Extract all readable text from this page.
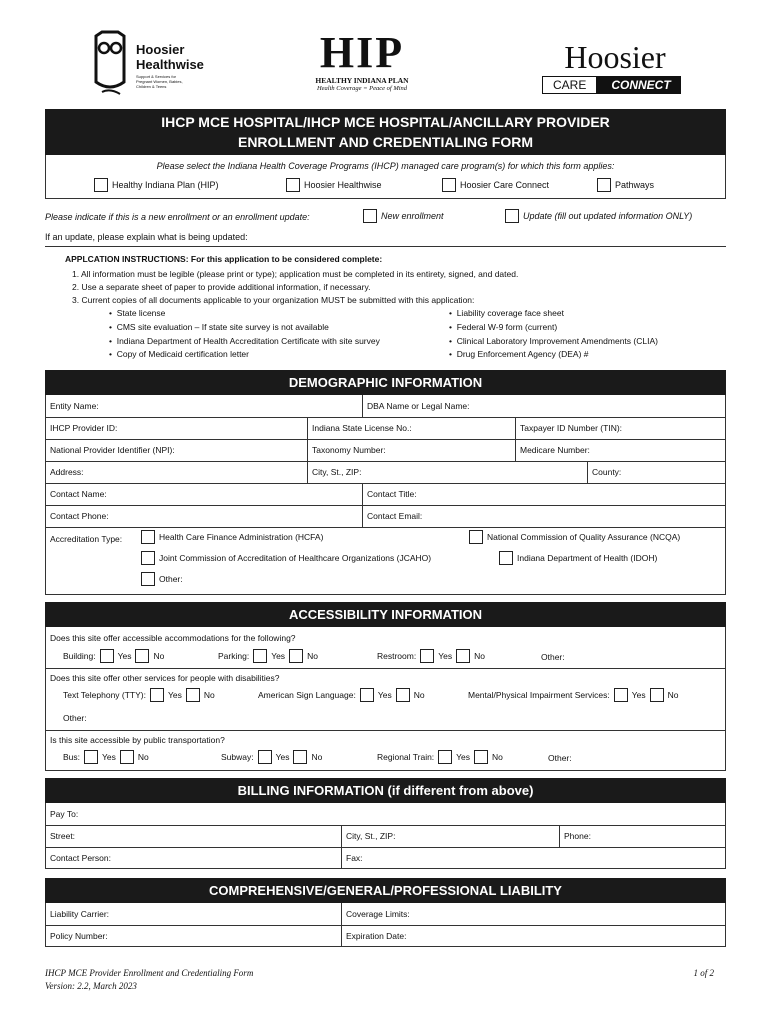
Hoosier
Healthwise
Support & Services for Pregnant Women, Babies, Children & Teens
HIP
HEALTHY INDIANA PLAN
Health Coverage = Peace of Mind
Hoosier
CARE	CONNECT
IHCP MCE HOSPITAL/IHCP MCE HOSPITAL/ANCILLARY PROVIDER
ENROLLMENT AND CREDENTIALING FORM
Please select the Indiana Health Coverage Programs (IHCP) managed care program(s) for which this form applies:
Healthy Indiana Plan (HIP)	Hoosier Healthwise	Hoosier Care Connect	Pathways
Please indicate if this is a new enrollment or an enrollment update:	New enrollment	Update (fill out updated information ONLY)
If an update, please explain what is being updated:
APPLCATION INSTRUCTIONS: For this application to be considered complete:
1. All information must be legible (please print or type); application must be completed in its entirety, signed, and dated.
2. Use a separate sheet of paper to provide additional information, if necessary.
3. Current copies of all documents applicable to your organization MUST be submitted with this application:
•  State license
•  CMS site evaluation – If state site survey is not available
•  Indiana Department of Health Accreditation Certificate with site survey
•  Copy of Medicaid certification letter
•  Liability coverage face sheet
•  Federal W-9 form (current)
•  Clinical Laboratory Improvement Amendments (CLIA)
•  Drug Enforcement Agency (DEA) #
DEMOGRAPHIC INFORMATION
Entity Name:	DBA Name or Legal Name:
IHCP Provider ID:	Indiana State License No.:	Taxpayer ID Number (TIN):
National Provider Identifier (NPI):	Taxonomy Number:	Medicare Number:
Address:	City, St., ZIP:	County:
Contact Name:	Contact Title:
Contact Phone:	Contact Email:
Accreditation Type:	Health Care Finance Administration (HCFA)	National Commission of Quality Assurance (NCQA)
Joint Commission of Accreditation of Healthcare Organizations (JCAHO)	Indiana Department of Health (IDOH)
Other:
ACCESSIBILITY INFORMATION
Does this site offer accessible accommodations for the following?
Building:	Yes	No	Parking:	Yes	No	Restroom:	Yes	No	Other:
Does this site offer other services for people with disabilities?
Text Telephony (TTY):	Yes	No	American Sign Language:	Yes	No	Mental/Physical Impairment Services:	Yes	No
Other:
Is this site accessible by public transportation?
Bus:	Yes	No	Subway:	Yes	No	Regional Train:	Yes	No	Other:
BILLING INFORMATION (if different from above)
Pay To:
Street:	City, St., ZIP:	Phone:
Contact Person:	Fax:
COMPREHENSIVE/GENERAL/PROFESSIONAL LIABILITY
Liability Carrier:	Coverage Limits:
Policy Number:	Expiration Date:
IHCP MCE Provider Enrollment and Credentialing Form
Version: 2.2, March 2023
1 of 2
